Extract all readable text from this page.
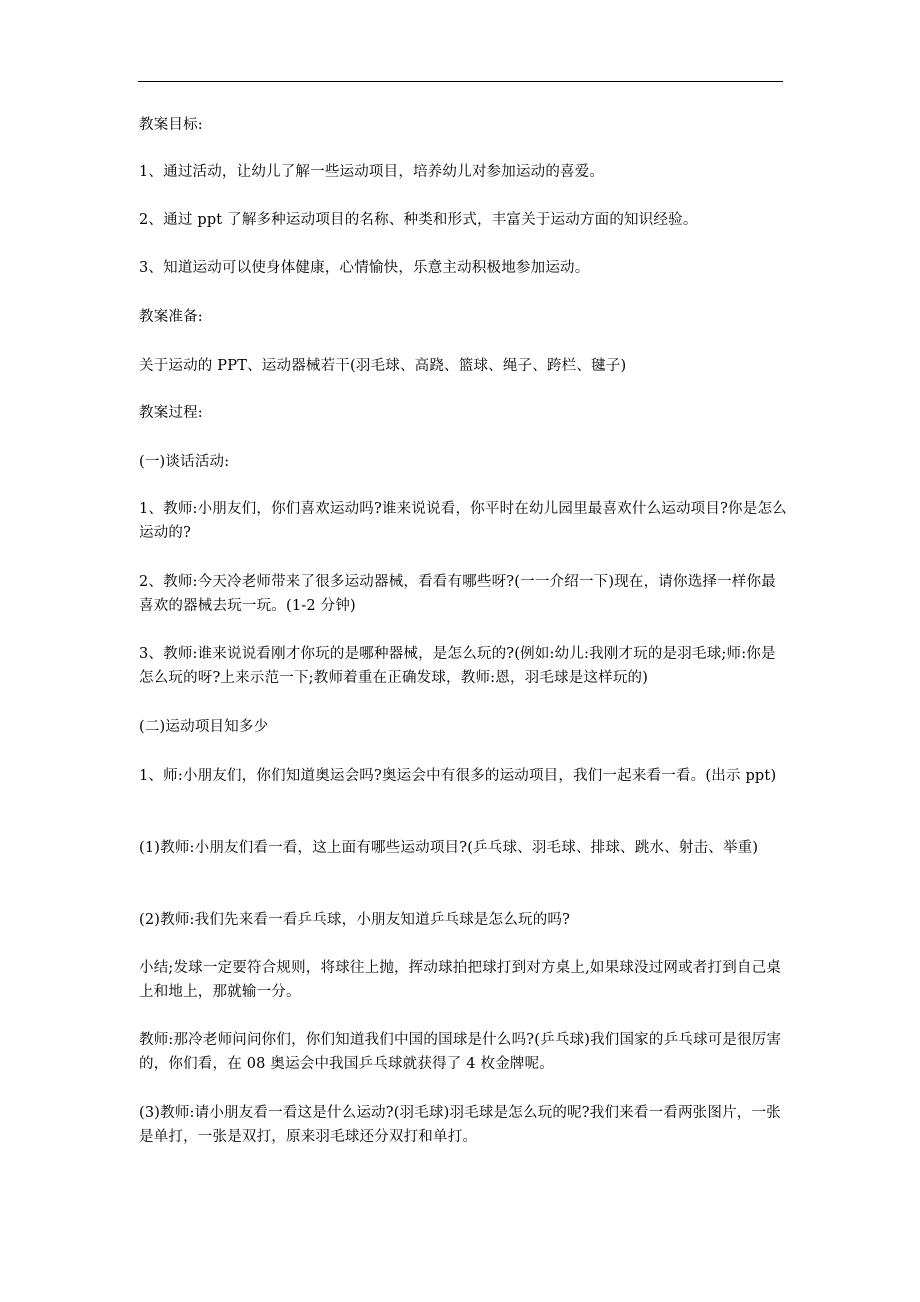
教案目标:

1、通过活动，让幼儿了解一些运动项目，培养幼儿对参加运动的喜爱。

2、通过 ppt 了解多种运动项目的名称、种类和形式，丰富关于运动方面的知识经验。

3、知道运动可以使身体健康，心情愉快，乐意主动积极地参加运动。

教案准备:

关于运动的 PPT、运动器械若干(羽毛球、高跷、篮球、绳子、跨栏、毽子)

教案过程:

(一)谈话活动:

1、教师:小朋友们，你们喜欢运动吗?谁来说说看，你平时在幼儿园里最喜欢什么运动项目?你是怎么运动的?

2、教师:今天冷老师带来了很多运动器械，看看有哪些呀?(一一介绍一下)现在，请你选择一样你最喜欢的器械去玩一玩。(1-2 分钟)

3、教师:谁来说说看刚才你玩的是哪种器械，是怎么玩的?(例如:幼儿:我刚才玩的是羽毛球;师:你是怎么玩的呀?上来示范一下;教师着重在正确发球，教师:恩，羽毛球是这样玩的)

(二)运动项目知多少

1、师:小朋友们，你们知道奥运会吗?奥运会中有很多的运动项目，我们一起来看一看。(出示 ppt)

(1)教师:小朋友们看一看，这上面有哪些运动项目?(乒乓球、羽毛球、排球、跳水、射击、举重)

(2)教师:我们先来看一看乒乓球，小朋友知道乒乓球是怎么玩的吗?

小结;发球一定要符合规则，将球往上抛，挥动球拍把球打到对方桌上,如果球没过网或者打到自己桌上和地上，那就输一分。

教师:那冷老师问问你们，你们知道我们中国的国球是什么吗?(乒乓球)我们国家的乒乓球可是很厉害的，你们看，在 08 奥运会中我国乒乓球就获得了 4 枚金牌呢。

(3)教师:请小朋友看一看这是什么运动?(羽毛球)羽毛球是怎么玩的呢?我们来看一看两张图片，一张是单打，一张是双打，原来羽毛球还分双打和单打。
